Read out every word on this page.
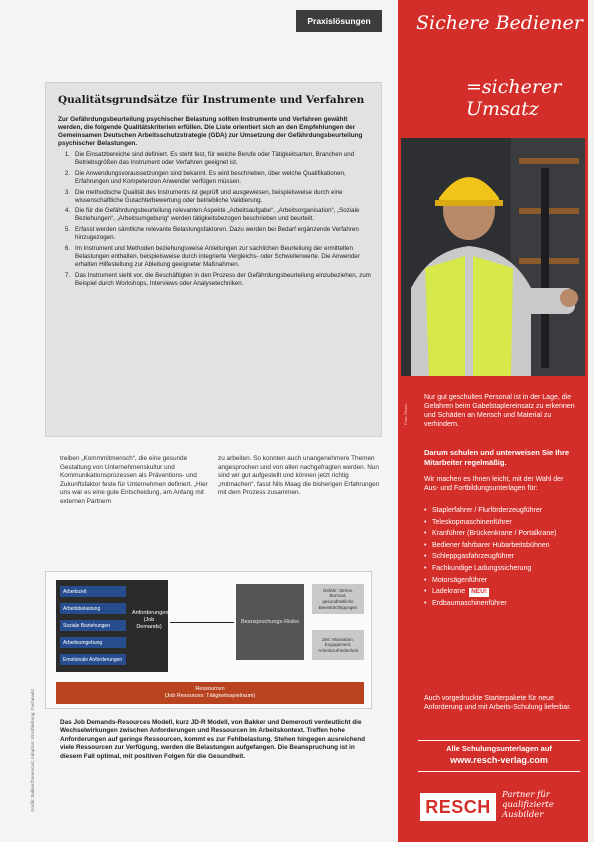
Praxislösungen
Qualitätsgrundsätze für Instrumente und Verfahren
Zur Gefährdungsbeurteilung psychischer Belastung sollten Instrumente und Verfahren gewählt werden, die folgende Qualitätskriterien erfüllen. Die Liste orientiert sich an den Empfehlungen der Gemeinsamen Deutschen Arbeitsschutzstrategie (GDA) zur Umsetzung der Gefährdungsbeurteilung psychischer Belastungen.
1. Die Einsatzbereiche sind definiert. Es steht fest, für welche Berufe oder Tätigkeitsarten, Branchen und Betriebsgrößen das Instrument oder Verfahren geeignet ist.
2. Die Anwendungsvoraussetzungen sind bekannt. Es wird beschrieben, über welche Qualifikationen, Erfahrungen und Kompetenzen Anwender verfügen müssen.
3. Die methodische Qualität des Instruments ist geprüft und ausgewiesen, beispielsweise durch eine wissenschaftliche Gutachterbewertung oder betriebliche Validierung.
4. Die für die Gefährdungsbeurteilung relevanten Aspekte „Arbeitsaufgabe“, „Arbeitsorganisation“, „Soziale Beziehungen“, „Arbeitsumgebung“ werden tätigkeitsbezogen beschrieben und beurteilt.
5. Erfasst werden sämtliche relevante Belastungsfaktoren. Dazu werden bei Bedarf ergänzende Verfahren hinzugezogen.
6. Im Instrument und Methoden beziehungsweise Anleitungen zur sachlichen Beurteilung der ermittelten Belastungen enthalten, beispielsweise durch integrierte Vergleichs- oder Schwellenwerte. Die Anwender erhalten Hilfestellung zur Ableitung geeigneter Maßnahmen.
7. Das Instrument sieht vor, die Beschäftigten in den Prozess der Gefährdungsbeurteilung einzubeziehen, zum Beispiel durch Workshops, Interviews oder Analysetechniken.
treiben „Kommmitmensch“, die eine gesunde Gestaltung von Unternehmenskultur und Kommunikationsprozessen als Präventions- und Zukunftsfaktor feste für Unternehmen definiert. „Hier uns war es eine gute Entscheidung, am Anfang mit externen Partnern
zu arbeiten. So konnten auch unangenehmere Themen angesprochen und von allen nachgefragten werden. Nun sind wir gut aufgestellt und können jetzt richtig „mitmachen“, fasst Nils Maag die bisherigen Erfahrungen mit dem Prozess zusammen.
Grafik: Bakker/Demerouti; Adaption: Erschließung, Fachmarkt
Arbeitszeit
Arbeitsbelastung
Soziale Beziehungen
Arbeitsumgebung
Emotionale Anforderungen
Anforderungen (Job Demands)
Beanspruchungs-Risiko
Gefahr: Stress, Burnout, gesundheitliche Beeinträchtigungen
Zeit: Motivation, Engagement, Arbeitszufriedenheit
Ressourcen
(Job Resources: Tätigkeitsspielraum)
Das Job Demands-Resources Modell, kurz JD-R Modell, von Bakker und Demerouti verdeutlicht die Wechselwirkungen zwischen Anforderungen und Ressourcen im Arbeitskontext. Treffen hohe Anforderungen auf geringe Ressourcen, kommt es zur Fehlbelastung. Stehen hingegen ausreichend viele Ressourcen zur Verfügung, werden die Belastungen aufgefangen. Die Beanspruchung ist in diesem Fall optimal, mit positiven Folgen für die Gesundheit.
Sichere Bediener
=sicherer Umsatz
Foto: Resch
Nur gut geschultes Personal ist in der Lage, die Gefahren beim Gabelstaplereinsatz zu erkennen und Schäden an Mensch und Material zu verhindern.
Darum schulen und unterweisen Sie Ihre Mitarbeiter regelmäßig.
Wir machen es Ihnen leicht, mit der Wahl der Aus- und Fortbildungsunterlagen für:
• Staplerfahrer / Flurförderzeugführer
• Teleskopmaschinenführer
• Kranführer (Brückenkrane / Portalkrane)
• Bediener fahrbarer Hubarbeitsbühnen
• Schleppgasfahrzeugführer
• Fachkundige Ladungssicherung
• Motorsägenführer
• Ladekrane NEU!
• Erdbaumaschinenführer
Auch vorgedruckte Starterpakete für neue Anforderung und mit Arbeits-Schulung lieferbar.
Alle Schulungsunterlagen auf
www.resch-verlag.com
RESCH
Partner für qualifizierte Ausbilder
